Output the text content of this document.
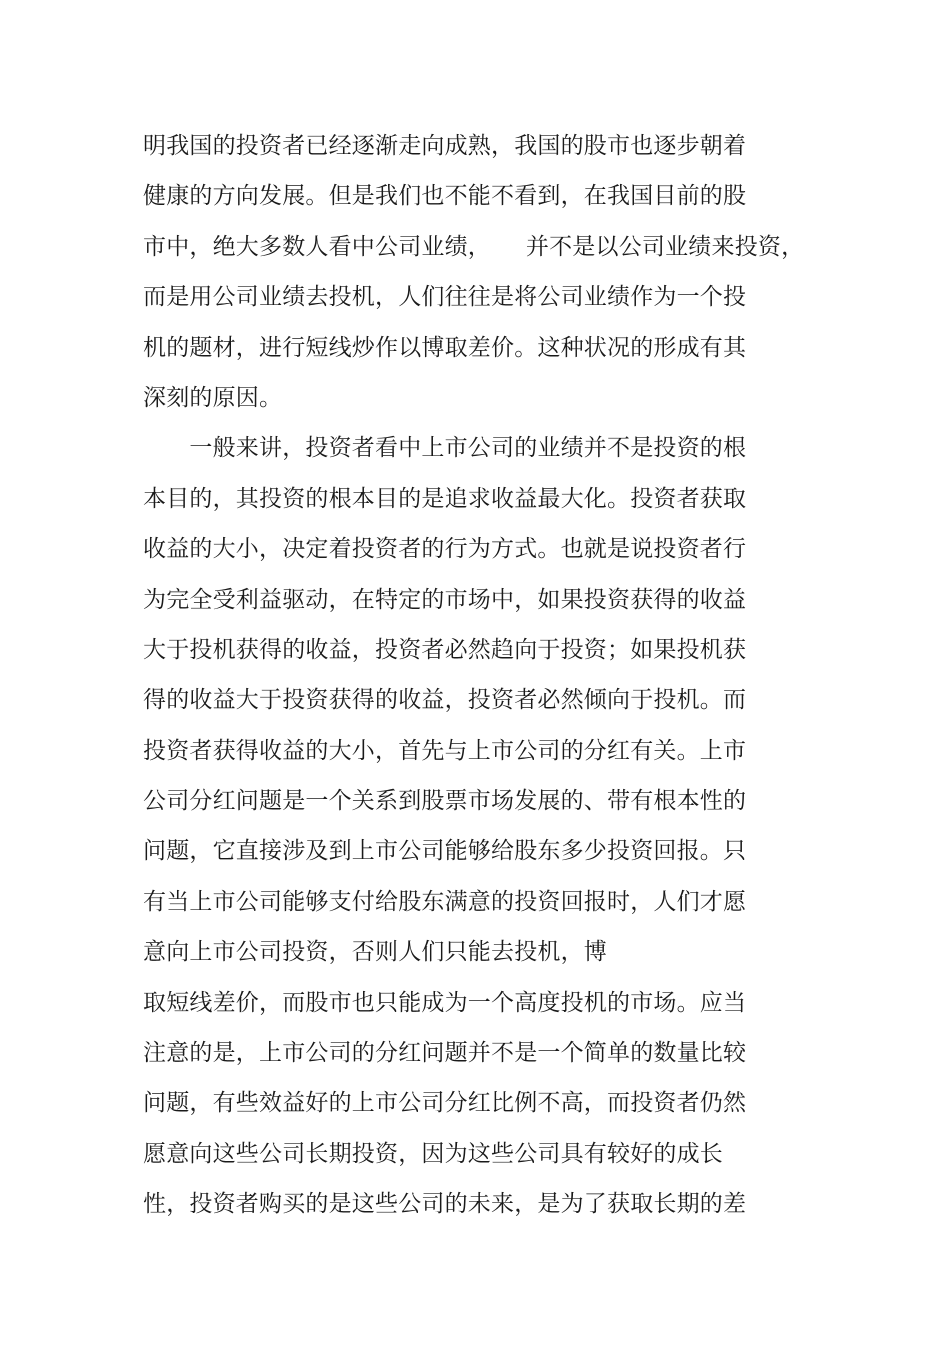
明我国的投资者已经逐渐走向成熟，我国的股市也逐步朝着
健康的方向发展。但是我们也不能不看到，在我国目前的股
市中，绝大多数人看中公司业绩，　　并不是以公司业绩来投资，
而是用公司业绩去投机，人们往往是将公司业绩作为一个投
机的题材，进行短线炒作以博取差价。这种状况的形成有其
深刻的原因。
　　一般来讲，投资者看中上市公司的业绩并不是投资的根
本目的，其投资的根本目的是追求收益最大化。投资者获取
收益的大小，决定着投资者的行为方式。也就是说投资者行
为完全受利益驱动，在特定的市场中，如果投资获得的收益
大于投机获得的收益，投资者必然趋向于投资；如果投机获
得的收益大于投资获得的收益，投资者必然倾向于投机。而
投资者获得收益的大小，首先与上市公司的分红有关。上市
公司分红问题是一个关系到股票市场发展的、带有根本性的
问题，它直接涉及到上市公司能够给股东多少投资回报。只
有当上市公司能够支付给股东满意的投资回报时，人们才愿
意向上市公司投资，否则人们只能去投机，博
取短线差价，而股市也只能成为一个高度投机的市场。应当
注意的是，上市公司的分红问题并不是一个简单的数量比较
问题，有些效益好的上市公司分红比例不高，而投资者仍然
愿意向这些公司长期投资，因为这些公司具有较好的成长
性，投资者购买的是这些公司的未来，是为了获取长期的差
